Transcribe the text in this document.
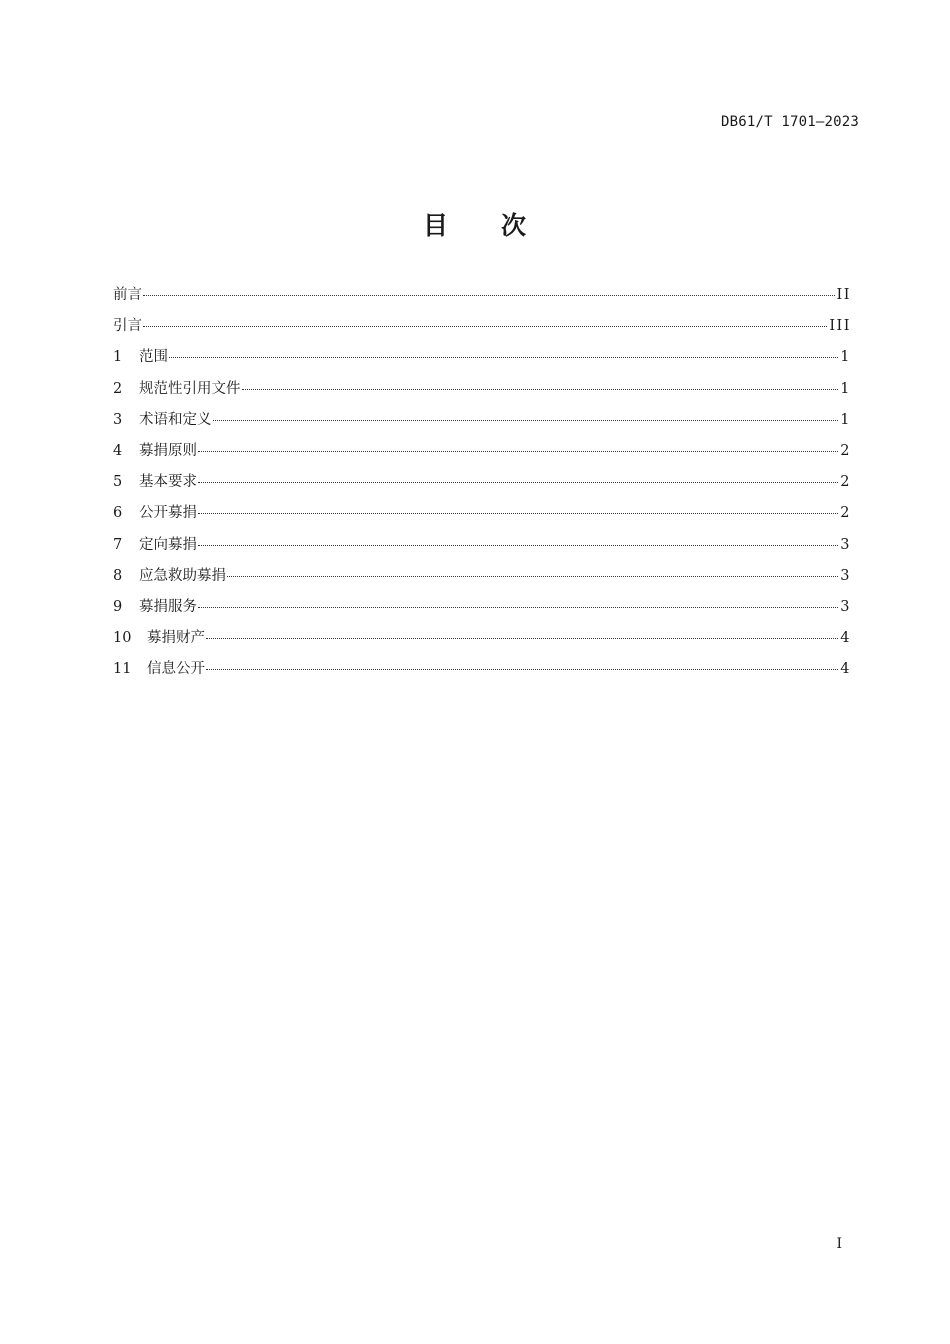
DB61/T 1701—2023
目　　次
前言	II
引言	III
1	范围	1
2	规范性引用文件	1
3	术语和定义	1
4	募捐原则	2
5	基本要求	2
6	公开募捐	2
7	定向募捐	3
8	应急救助募捐	3
9	募捐服务	3
10	募捐财产	4
11	信息公开	4
I
